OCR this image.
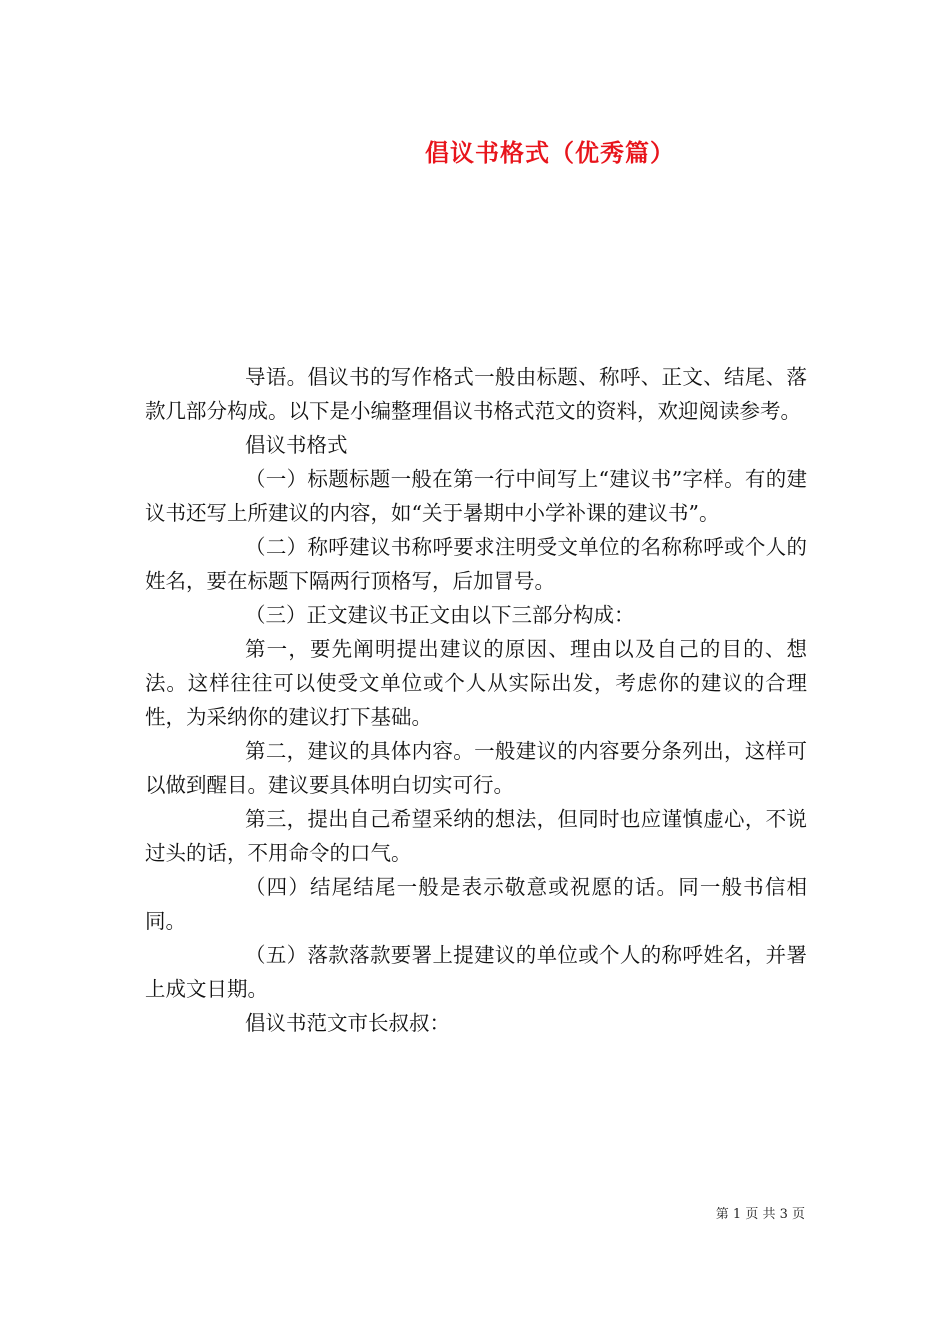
倡议书格式（优秀篇）

导语。倡议书的写作格式一般由标题、称呼、正文、结尾、落款几部分构成。以下是小编整理倡议书格式范文的资料，欢迎阅读参考。

倡议书格式

（一）标题标题一般在第一行中间写上“建议书”字样。有的建议书还写上所建议的内容，如“关于暑期中小学补课的建议书”。

（二）称呼建议书称呼要求注明受文单位的名称称呼或个人的姓名，要在标题下隔两行顶格写，后加冒号。

（三）正文建议书正文由以下三部分构成：

第一，要先阐明提出建议的原因、理由以及自己的目的、想法。这样往往可以使受文单位或个人从实际出发，考虑你的建议的合理性，为采纳你的建议打下基础。

第二，建议的具体内容。一般建议的内容要分条列出，这样可以做到醒目。建议要具体明白切实可行。

第三，提出自己希望采纳的想法，但同时也应谨慎虚心，不说过头的话，不用命令的口气。

（四）结尾结尾一般是表示敬意或祝愿的话。同一般书信相同。

（五）落款落款要署上提建议的单位或个人的称呼姓名，并署上成文日期。

倡议书范文市长叔叔：

第 1 页 共 3 页
